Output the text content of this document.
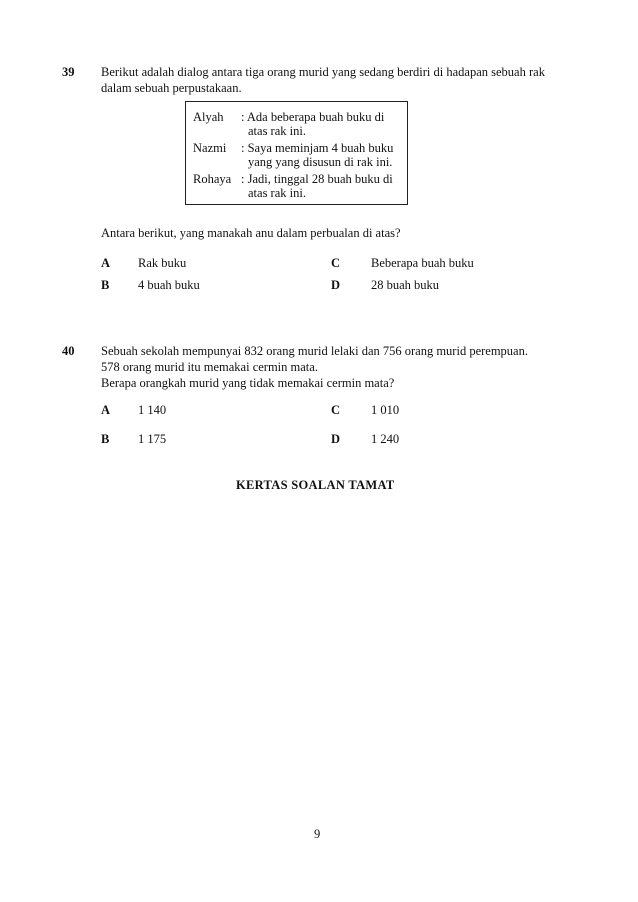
39 Berikut adalah dialog antara tiga orang murid yang sedang berdiri di hadapan sebuah rak
dalam sebuah perpustakaan.
Alyah : Ada beberapa buah buku di
atas rak ini.
Nazmi : Saya meminjam 4 buah buku
yang yang disusun di rak ini.
Rohaya : Jadi, tinggal 28 buah buku di
atas rak ini.
Antara berikut, yang manakah anu dalam perbualan di atas?
A Rak buku	C Beberapa buah buku
B 4 buah buku	D 28 buah buku
40 Sebuah sekolah mempunyai 832 orang murid lelaki dan 756 orang murid perempuan.
578 orang murid itu memakai cermin mata.
Berapa orangkah murid yang tidak memakai cermin mata?
A 1 140	C 1 010
B 1 175	D 1 240
KERTAS SOALAN TAMAT
9
